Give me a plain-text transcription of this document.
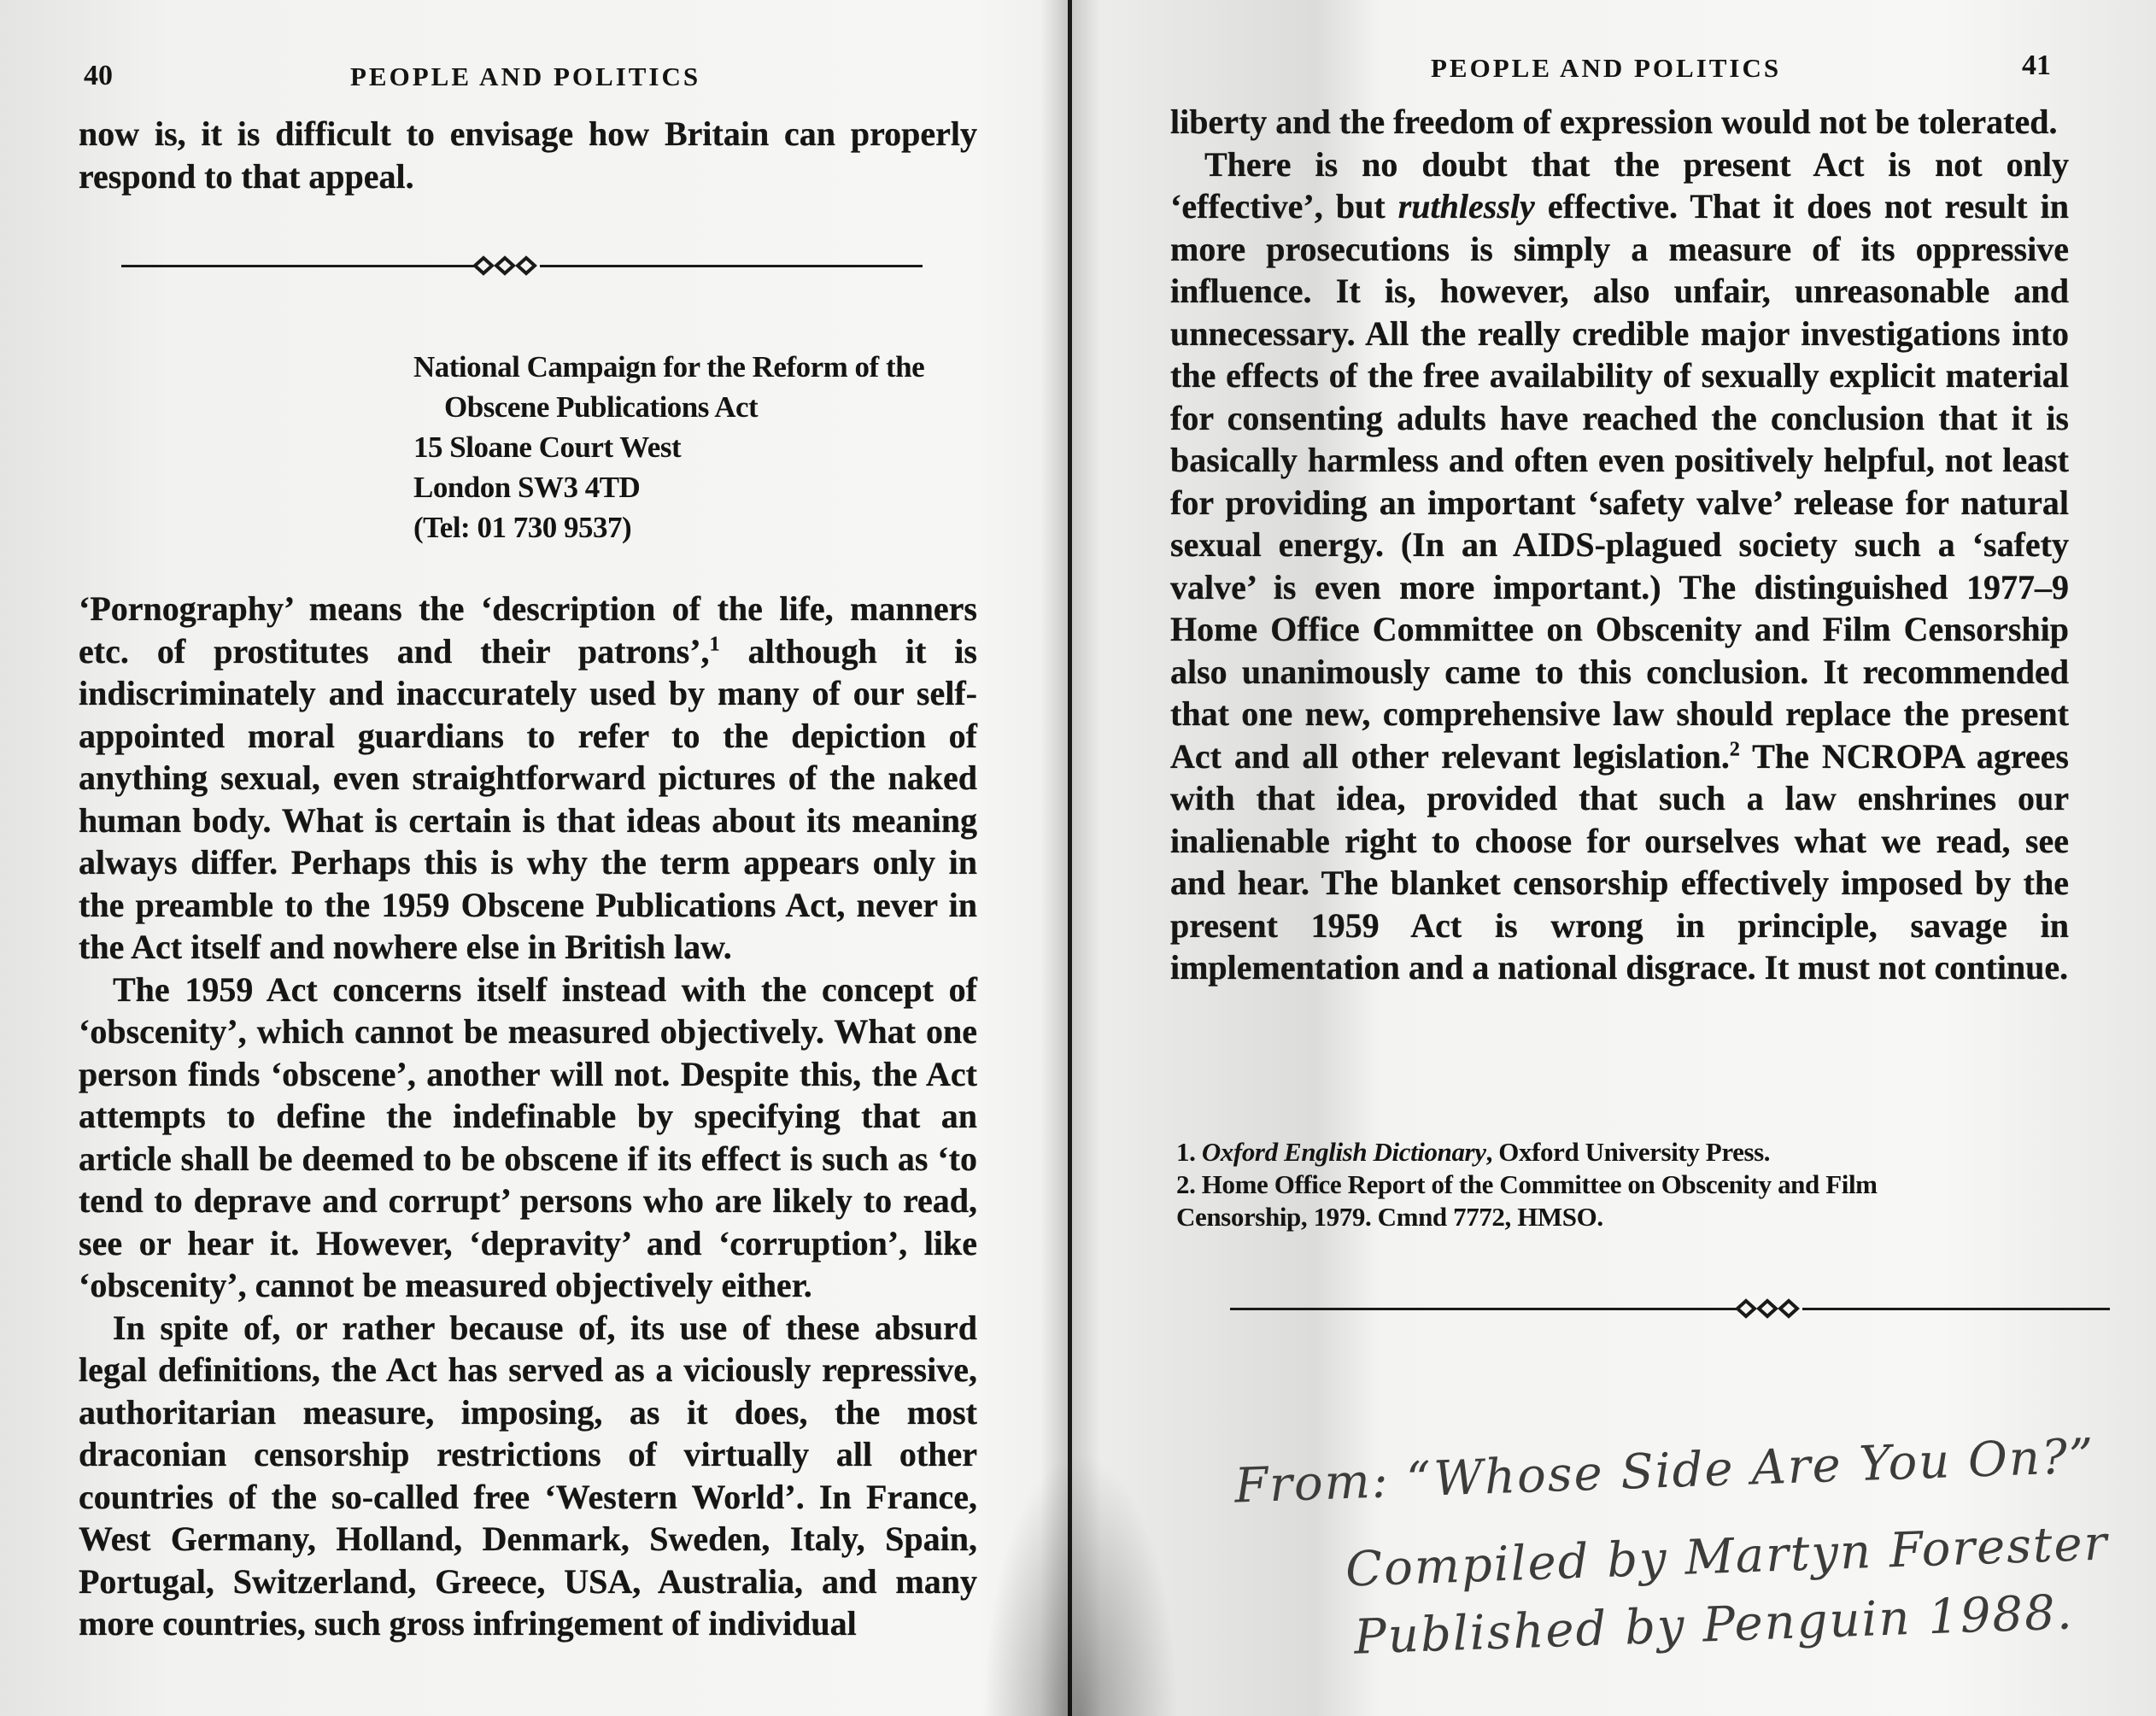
40	PEOPLE AND POLITICS

now is, it is difficult to envisage how Britain can properly respond to that appeal.

National Campaign for the Reform of the
Obscene Publications Act
15 Sloane Court West
London SW3 4TD
(Tel: 01 730 9537)

‘Pornography’ means the ‘description of the life, manners etc. of prostitutes and their patrons’,$^1$ although it is indiscriminately and inaccurately used by many of our self-appointed moral guardians to refer to the depiction of anything sexual, even straightforward pictures of the naked human body. What is certain is that ideas about its meaning always differ. Perhaps this is why the term appears only in the preamble to the 1959 Obscene Publications Act, never in the Act itself and nowhere else in British law.

The 1959 Act concerns itself instead with the concept of ‘obscenity’, which cannot be measured objectively. What one person finds ‘obscene’, another will not. Despite this, the Act attempts to define the indefinable by specifying that an article shall be deemed to be obscene if its effect is such as ‘to tend to deprave and corrupt’ persons who are likely to read, see or hear it. However, ‘depravity’ and ‘corruption’, like ‘obscenity’, cannot be measured objectively either.

In spite of, or rather because of, its use of these absurd legal definitions, the Act has served as a viciously repressive, authoritarian measure, imposing, as it does, the most draconian censorship restrictions of virtually all other countries of the so-called free ‘Western World’. In France, West Germany, Holland, Denmark, Sweden, Italy, Spain, Portugal, Switzerland, Greece, USA, Australia, and many more countries, such gross infringement of individual

PEOPLE AND POLITICS	41

liberty and the freedom of expression would not be tolerated.

There is no doubt that the present Act is not only ‘effective’, but ruthlessly effective. That it does not result in more prosecutions is simply a measure of its oppressive influence. It is, however, also unfair, unreasonable and unnecessary. All the really credible major investigations into the effects of the free availability of sexually explicit material for consenting adults have reached the conclusion that it is basically harmless and often even positively helpful, not least for providing an important ‘safety valve’ release for natural sexual energy. (In an AIDS-plagued society such a ‘safety valve’ is even more important.) The distinguished 1977–9 Home Office Committee on Obscenity and Film Censorship also unanimously came to this conclusion. It recommended that one new, comprehensive law should replace the present Act and all other relevant legislation.$^2$ The NCROPA agrees with that idea, provided that such a law enshrines our inalienable right to choose for ourselves what we read, see and hear. The blanket censorship effectively imposed by the present 1959 Act is wrong in principle, savage in implementation and a national disgrace. It must not continue.

1. Oxford English Dictionary, Oxford University Press.

2. Home Office Report of the Committee on Obscenity and Film Censorship, 1979. Cmnd 7772, HMSO.

From: “Whose Side Are You On?”
Compiled by Martyn Forester
Published by Penguin 1988.
